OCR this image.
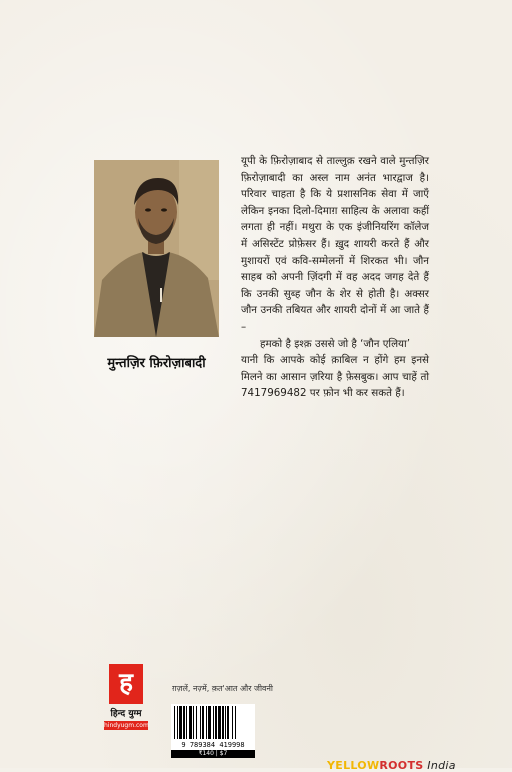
मुन्तज़िर फ़िरोज़ाबादी

यूपी के फ़िरोज़ाबाद से ताल्लुक़ रखने वाले मुन्तज़िर फ़िरोज़ाबादी का अस्ल नाम अनंत भारद्वाज है। परिवार चाहता है कि ये प्रशासनिक सेवा में जाएँ लेकिन इनका दिलो-दिमाग़ साहित्य के अलावा कहीं लगता ही नहीं। मथुरा के एक इंजीनियरिंग कॉलेज में असिस्टेंट प्रोफ़ेसर हैं। ख़ुद शायरी करते हैं और मुशायरों एवं कवि-सम्मेलनों में शिरकत भी। जौन साहब को अपनी ज़िंदगी में वह अदद जगह देते हैं कि उनकी सुब्ह जौन के शेर से होती है। अक्सर जौन उनकी तबियत और शायरी दोनों में आ जाते हैं –

हमको है इश्क़ उससे जो है ‘जौन एलिया’

यानी कि आपके कोई क़ाबिल न होंगे हम इनसे मिलने का आसान ज़रिया है फ़ेसबुक। आप चाहें तो 7417969482 पर फ़ोन भी कर सकते हैं।

ह
हिन्द युग्म
hindyugm.com
ग़ज़लें, नज़्में, क़त'आत और जीवनी
9 789384 419998
₹140 | $7
YELLOWROOTS India
